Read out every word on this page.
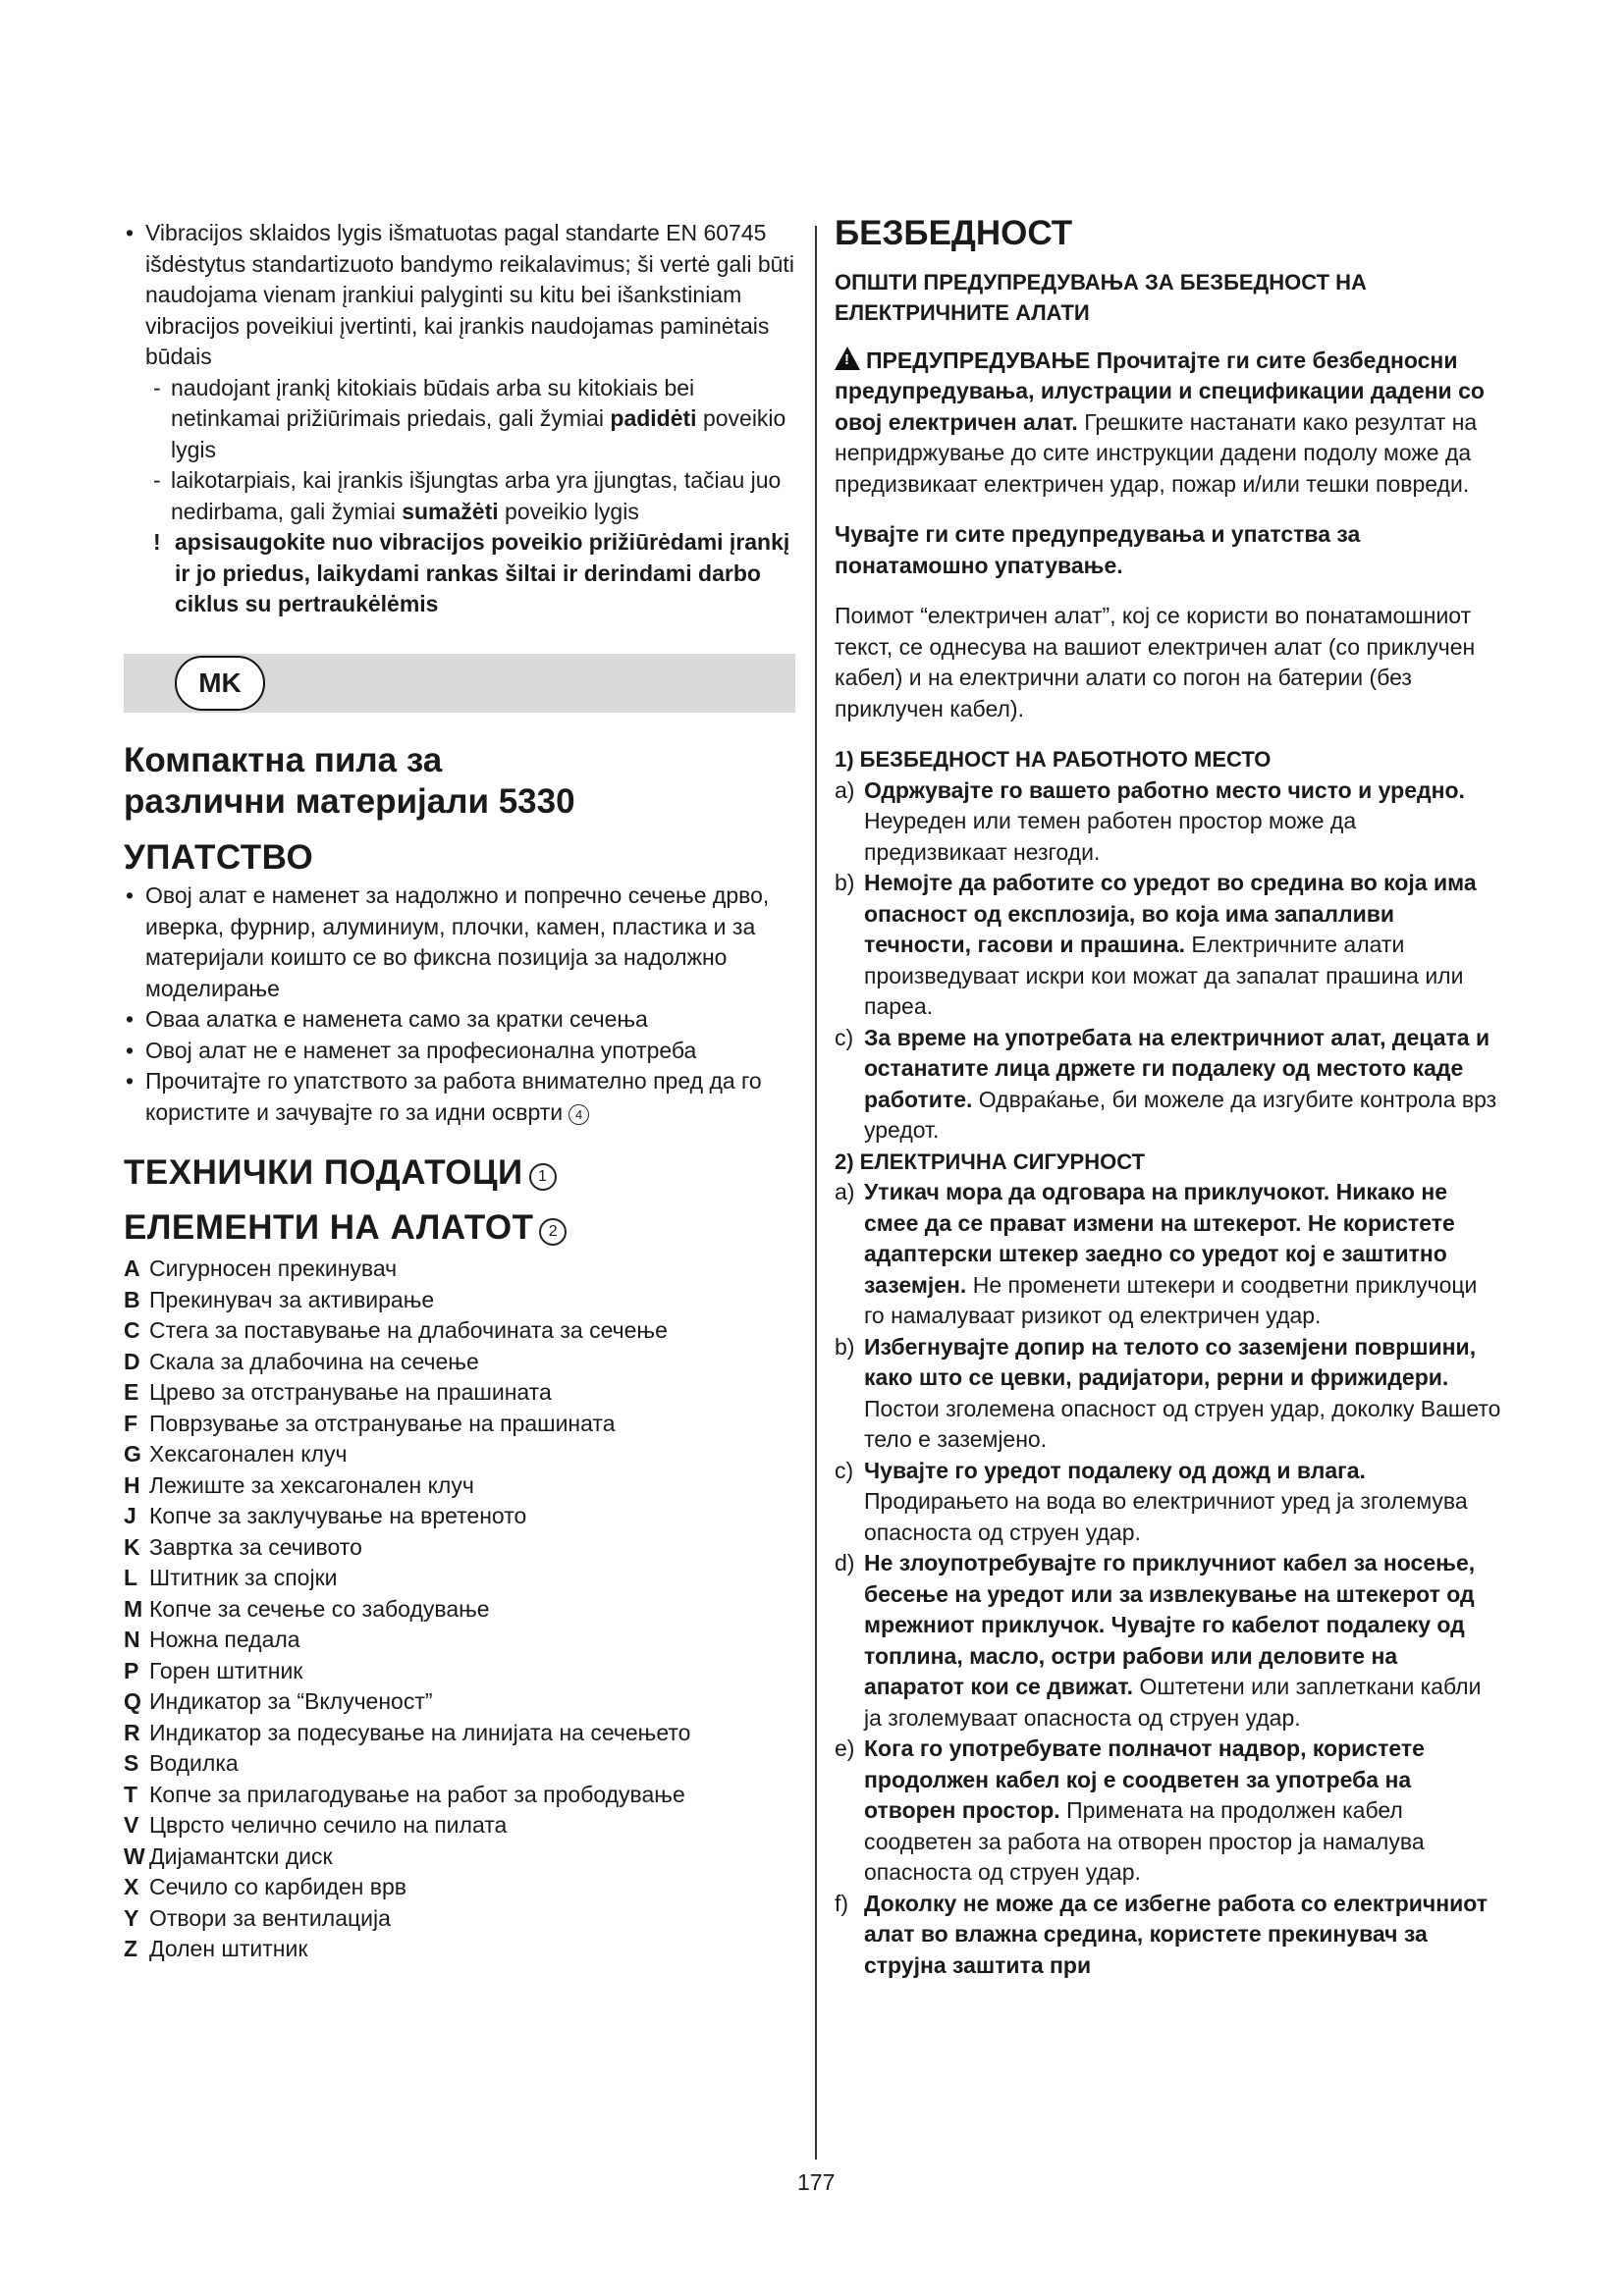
• Vibracijos sklaidos lygis išmatuotas pagal standarte EN 60745 išdėstytus standartizuoto bandymo reikalavimus; ši vertė gali būti naudojama vienam įrankiui palyginti su kitu bei išankstiniam vibracijos poveikiui įvertinti, kai įrankis naudojamas paminėtais būdais
- naudojant įrankį kitokiais būdais arba su kitokiais bei netinkamai prižiūrimais priedais, gali žymiai padidėti poveikio lygis
- laikotarpiais, kai įrankis išjungtas arba yra įjungtas, tačiau juo nedirbama, gali žymiai sumažėti poveikio lygis
! apsisaugokite nuo vibracijos poveikio prižiūrėdami įrankį ir jo priedus, laikydami rankas šiltai ir derindami darbo ciklus su pertraukėlėmis
MK
Компактна пила за
различни материјали 5330
УПАТСТВО
• Овој алат е наменет за надолжно и попречно сечење дрво, иверка, фурнир, алуминиум, плочки, камен, пластика и за материјали коишто се во фиксна позиција за надолжно моделирање
• Оваа алатка е наменета само за кратки сечења
• Овој алат не е наменет за професионална употреба
• Прочитајте го упатството за работа внимателно пред да го користите и зачувајте го за идни осврти 4
ТЕХНИЧКИ ПОДАТОЦИ 1
ЕЛЕМЕНТИ НА АЛАТОТ 2
A Сигурносен прекинувач
B Прекинувач за активирање
C Стега за поставување на длабочината за сечење
D Скала за длабочина на сечење
E Црево за отстранување на прашината
F Поврзување за отстранување на прашината
G Хексагонален клуч
H Лежиште за хексагонален клуч
J Копче за заклучување на вретеното
K Завртка за сечивото
L Штитник за спојки
M Копче за сечење со забодување
N Ножна педала
P Горен штитник
Q Индикатор за “Вклученост”
R Индикатор за подесување на линијата на сечењето
S Водилка
T Копче за прилагодување на работ за прободување
V Цврсто челично сечило на пилата
W Дијамантски диск
X Сечило со карбиден врв
Y Отвори за вентилација
Z Долен штитник
БЕЗБЕДНОСТ
ОПШТИ ПРЕДУПРЕДУВАЊА ЗА БЕЗБЕДНОСТ НА ЕЛЕКТРИЧНИТЕ АЛАТИ
!ПРЕДУПРЕДУВАЊЕ Прочитајте ги сите безбедносни предупредувања, илустрации и спецификации дадени со овој електричен алат. Грешките настанати како резултат на непридржување до сите инструкции дадени подолу може да предизвикаат електричен удар, пожар и/или тешки повреди.
Чувајте ги сите предупредувања и упатства за понатамошно упатување.
Поимот “електричен алат”, кој се користи во понатамошниот текст, се однесува на вашиот електричен алат (со приклучен кабел) и на електрични алати со погон на батерии (без приклучен кабел).
1) БЕЗБЕДНОСТ НА РАБОТНОТО МЕСТО
a) Одржувајте го вашето работно место чисто и уредно. Неуреден или темен работен простор може да предизвикаат незгоди.
b) Немојте да работите со уредот во средина во која има опасност од експлозија, во која има запалливи течности, гасови и прашина. Електричните алати произведуваат искри кои можат да запалат прашина или пареа.
c) За време на употребата на електричниот алат, децата и останатите лица држете ги подалеку од местото каде работите. Одвраќање, би можеле да изгубите контрола врз уредот.
2) ЕЛЕКТРИЧНА СИГУРНОСТ
a) Утикач мора да одговара на приклучокот. Никако не смее да се прават измени на штекерот. Не користете адаптерски штекер заедно со уредот кој е заштитно заземјен. Не променети штекери и соодветни приклучоци го намалуваат ризикот од електричен удар.
b) Избегнувајте допир на телото со заземјени површини, како што се цевки, радијатори, рерни и фрижидери. Постои зголемена опасност од струен удар, доколку Вашето тело е заземјено.
c) Чувајте го уредот подалеку од дожд и влага. Продирањето на вода во електричниот уред ја зголемува опасноста од струен удар.
d) Не злоупотребувајте го приклучниот кабел за носење, бесење на уредот или за извлекување на штекерот од мрежниот приклучок. Чувајте го кабелот подалеку од топлина, масло, остри рабови или деловите на апаратот кои се движат. Оштетени или заплеткани кабли ја зголемуваат опасноста од струен удар.
e) Кога го употребувате полначот надвор, користете продолжен кабел кој е соодветен за употреба на отворен простор. Примената на продолжен кабел соодветен за работа на отворен простор ја намалува опасноста од струен удар.
f) Доколку не може да се избегне работа со електричниот алат во влажна средина, користете прекинувач за струјна заштита при
177
